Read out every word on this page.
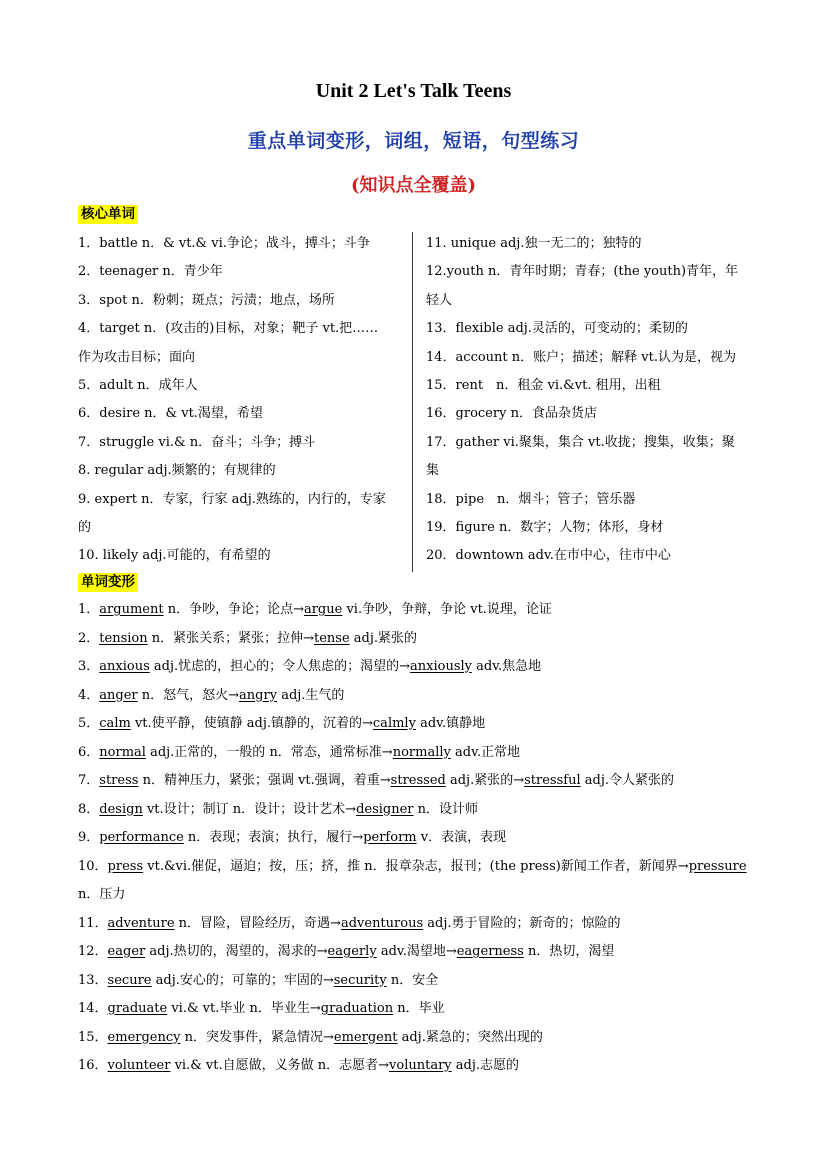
Unit 2 Let's Talk Teens
重点单词变形，词组，短语，句型练习
(知识点全覆盖)
核心单词
1．battle n．& vt.& vi.争论；战斗，搏斗；斗争
2．teenager n．青少年
3．spot n．粉刺；斑点；污渍；地点，场所
4．target n．(攻击的)目标，对象；靶子 vt.把……
作为攻击目标；面向
5．adult n．成年人
6．desire n．& vt.渴望，希望
7．struggle vi.& n．奋斗；斗争；搏斗
8. regular adj.频繁的；有规律的
9. expert n．专家，行家 adj.熟练的，内行的，专家
的
10. likely adj.可能的，有希望的
11. unique adj.独一无二的；独特的
12.youth n．青年时期；青春；(the youth)青年，年
轻人
13．flexible adj.灵活的，可变动的；柔韧的
14．account n．账户；描述；解释 vt.认为是，视为
15．rent　n．租金 vi.&vt. 租用，出租
16．grocery n．食品杂货店
17．gather vi.聚集，集合 vt.收拢；搜集，收集；聚
集
18．pipe　n．烟斗；管子；管乐器
19．figure n．数字；人物；体形，身材
20．downtown adv.在市中心，往市中心
单词变形
1．argument n．争吵，争论；论点→argue vi.争吵，争辩，争论 vt.说理，论证
2．tension n．紧张关系；紧张；拉伸→tense adj.紧张的
3．anxious adj.忧虑的，担心的；令人焦虑的；渴望的→anxiously adv.焦急地
4．anger n．怒气，怒火→angry adj.生气的
5．calm vt.使平静，使镇静 adj.镇静的，沉着的→calmly adv.镇静地
6．normal adj.正常的，一般的 n．常态，通常标准→normally adv.正常地
7．stress n．精神压力，紧张；强调 vt.强调，着重→stressed adj.紧张的→stressful adj.令人紧张的
8．design vt.设计；制订 n．设计；设计艺术→designer n．设计师
9．performance n．表现；表演；执行，履行→perform v．表演，表现
10．press vt.&vi.催促，逼迫；按，压；挤，推 n．报章杂志，报刊；(the press)新闻工作者，新闻界→pressure
n．压力
11．adventure n．冒险，冒险经历，奇遇→adventurous adj.勇于冒险的；新奇的；惊险的
12．eager adj.热切的，渴望的，渴求的→eagerly adv.渴望地→eagerness n．热切，渴望
13．secure adj.安心的；可靠的；牢固的→security n．安全
14．graduate vi.& vt.毕业 n．毕业生→graduation n．毕业
15．emergency n．突发事件，紧急情况→emergent adj.紧急的；突然出现的
16．volunteer vi.& vt.自愿做，义务做 n．志愿者→voluntary adj.志愿的
